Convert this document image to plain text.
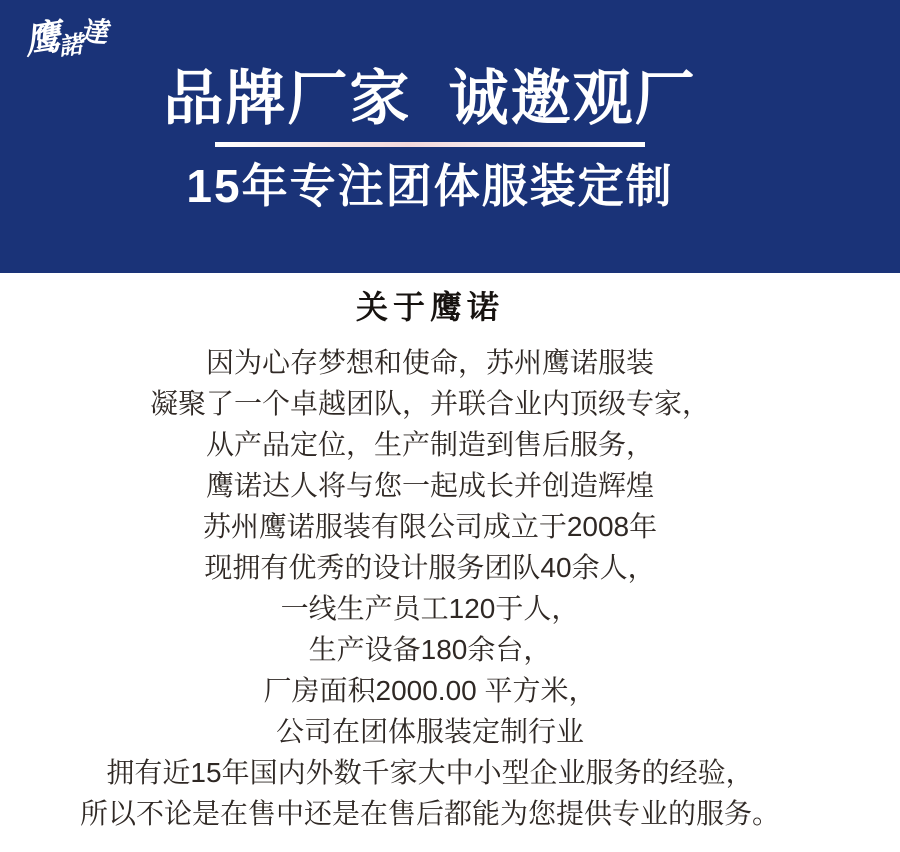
鹰諾達
品牌厂家  诚邀观厂
15年专注团体服装定制
关于鹰诺

因为心存梦想和使命，苏州鹰诺服装

凝聚了一个卓越团队，并联合业内顶级专家，

从产品定位，生产制造到售后服务，

鹰诺达人将与您一起成长并创造辉煌

苏州鹰诺服装有限公司成立于2008年

现拥有优秀的设计服务团队40余人，

一线生产员工120于人，

生产设备180余台，

厂房面积2000.00 平方米，

公司在团体服装定制行业

拥有近15年国内外数千家大中小型企业服务的经验，

所以不论是在售中还是在售后都能为您提供专业的服务。
